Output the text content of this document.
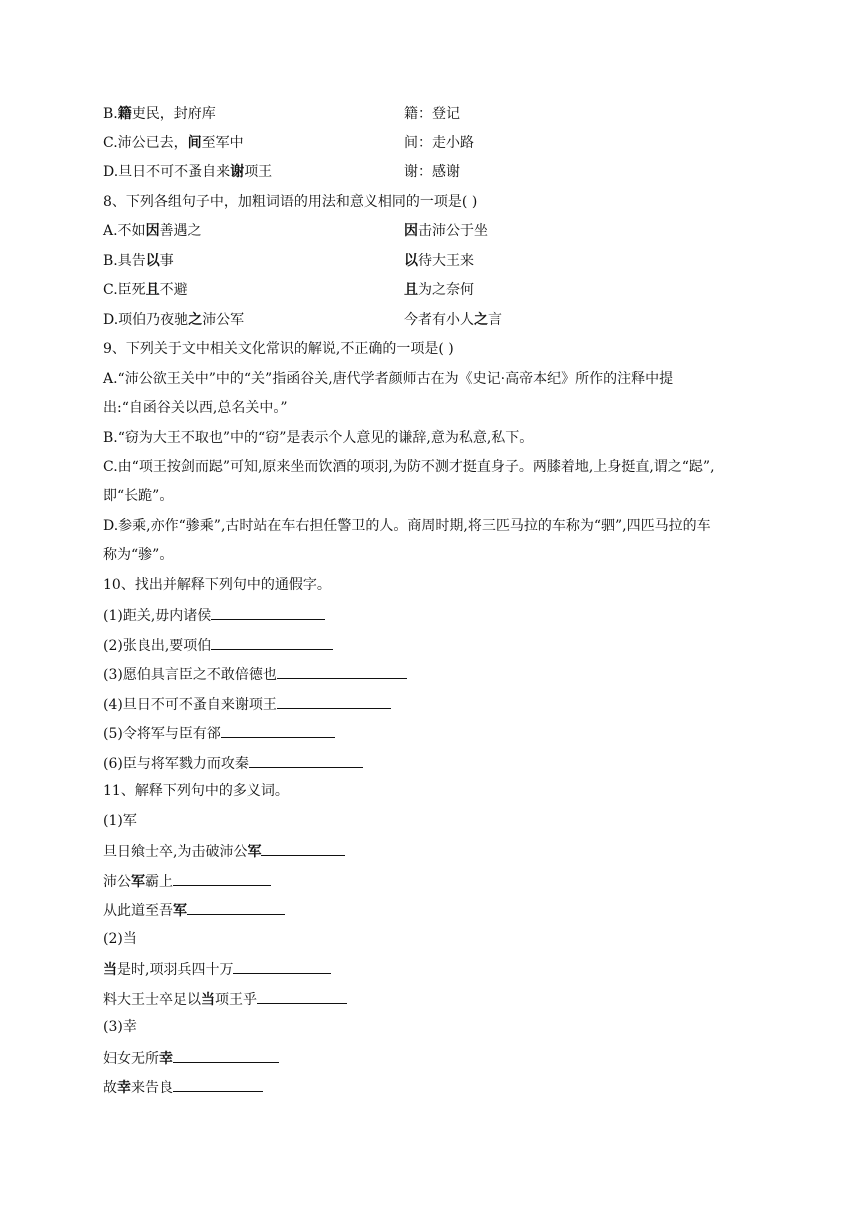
B.籍吏民，封府库	籍：登记
C.沛公已去，间至军中	间：走小路
D.旦日不可不蚤自来谢项王	谢：感谢
8、下列各组句子中，加粗词语的用法和意义相同的一项是( )
A.不如因善遇之	因击沛公于坐
B.具告以事	以待大王来
C.臣死且不避	且为之奈何
D.项伯乃夜驰之沛公军	今者有小人之言
9、下列关于文中相关文化常识的解说,不正确的一项是( )
A.“沛公欲王关中”中的“关”指函谷关,唐代学者颜师古在为《史记·高帝本纪》所作的注释中提
出:“自函谷关以西,总名关中。”
B.“窃为大王不取也”中的“窃”是表示个人意见的谦辞,意为私意,私下。
C.由“项王按剑而跽”可知,原来坐而饮酒的项羽,为防不测才挺直身子。两膝着地,上身挺直,谓之“跽”,
即“长跪”。
D.参乘,亦作“骖乘”,古时站在车右担任警卫的人。商周时期,将三匹马拉的车称为“驷”,四匹马拉的车
称为“骖”。
10、找出并解释下列句中的通假字。
(1)距关,毋内诸侯
(2)张良出,要项伯
(3)愿伯具言臣之不敢倍德也
(4)旦日不可不蚤自来谢项王
(5)令将军与臣有郤
(6)臣与将军戮力而攻秦
11、解释下列句中的多义词。
(1)军
旦日飨士卒,为击破沛公军
沛公军霸上
从此道至吾军
(2)当
当是时,项羽兵四十万
料大王士卒足以当项王乎
(3)幸
妇女无所幸
故幸来告良
